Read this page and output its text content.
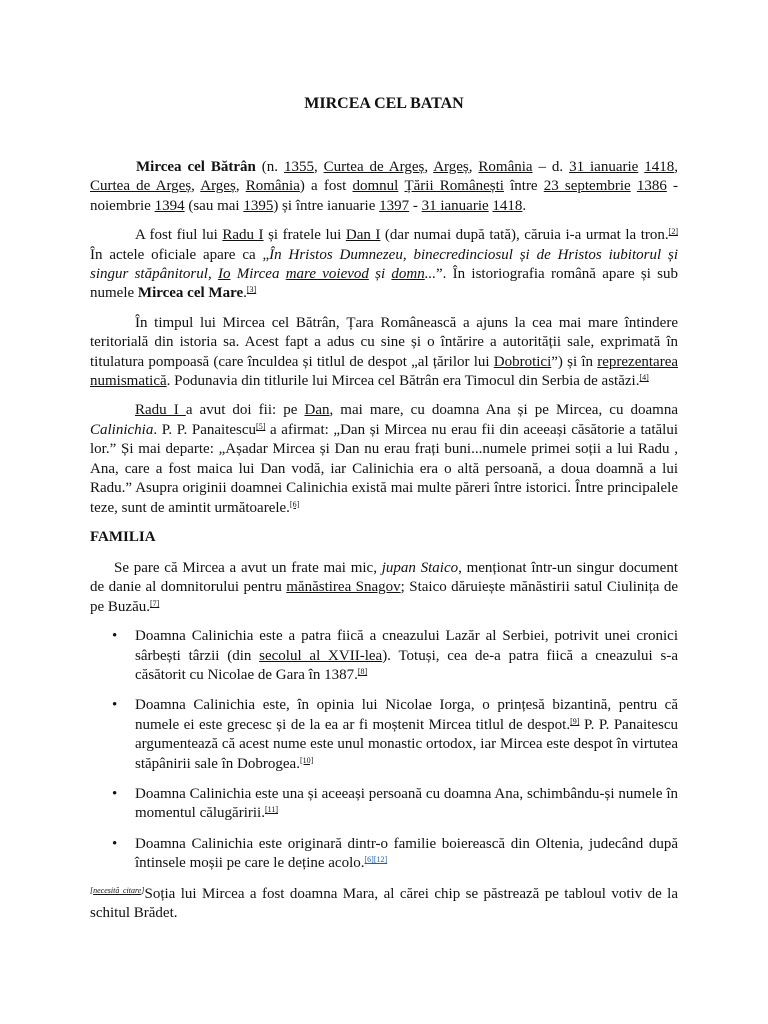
MIRCEA CEL BATAN

Mircea cel Bătrân (n. 1355, Curtea de Argeș, Argeș, România – d. 31 ianuarie 1418, Curtea de Argeș, Argeș, România) a fost domnul Țării Românești între 23 septembrie 1386 - noiembrie 1394 (sau mai 1395) și între ianuarie 1397 - 31 ianuarie 1418.

A fost fiul lui Radu I și fratele lui Dan I (dar numai după tată), căruia i-a urmat la tron.[2] În actele oficiale apare ca „În Hristos Dumnezeu, binecredinciosul și de Hristos iubitorul și singur stăpânitorul, Io Mircea mare voievod și domn...”. În istoriografia română apare și sub numele Mircea cel Mare.[3]

În timpul lui Mircea cel Bătrân, Țara Românească a ajuns la cea mai mare întindere teritorială din istoria sa. Acest fapt a adus cu sine și o întărire a autorității sale, exprimată în titulatura pompoasă (care înculdea și titlul de despot „al țărilor lui Dobrotici”) și în reprezentarea numismatică. Podunavia din titlurile lui Mircea cel Bătrân era Timocul din Serbia de astăzi.[4]

Radu I a avut doi fii: pe Dan, mai mare, cu doamna Ana și pe Mircea, cu doamna Calinichia. P. P. Panaitescu[5] a afirmat: „Dan și Mircea nu erau fii din aceeași căsătorie a tatălui lor.” Și mai departe: „Așadar Mircea și Dan nu erau frați buni...numele primei soții a lui Radu , Ana, care a fost maica lui Dan vodă, iar Calinichia era o altă persoană, a doua doamnă a lui Radu.” Asupra originii doamnei Calinichia există mai multe păreri între istorici. Între principalele teze, sunt de amintit următoarele.[6]

FAMILIA

Se pare că Mircea a avut un frate mai mic, jupan Staico, menționat într-un singur document de danie al domnitorului pentru mănăstirea Snagov; Staico dăruiește mănăstirii satul Ciulinița de pe Buzău.[7]

• Doamna Calinichia este a patra fiică a cneazului Lazăr al Serbiei, potrivit unei cronici sârbești târzii (din secolul al XVII-lea). Totuși, cea de-a patra fiică a cneazului s-a căsătorit cu Nicolae de Gara în 1387.[8]
• Doamna Calinichia este, în opinia lui Nicolae Iorga, o prințesă bizantină, pentru că numele ei este grecesc și de la ea ar fi moștenit Mircea titlul de despot.[9] P. P. Panaitescu argumentează că acest nume este unul monastic ortodox, iar Mircea este despot în virtutea stăpânirii sale în Dobrogea.[10]
• Doamna Calinichia este una și aceeași persoană cu doamna Ana, schimbându-și numele în momentul călugăririi.[11]
• Doamna Calinichia este originară dintr-o familie boierească din Oltenia, judecând după întinsele moșii pe care le deține acolo.[6][12]

[necesită citare]Soția lui Mircea a fost doamna Mara, al cărei chip se păstrează pe tabloul votiv de la schitul Brădet.
